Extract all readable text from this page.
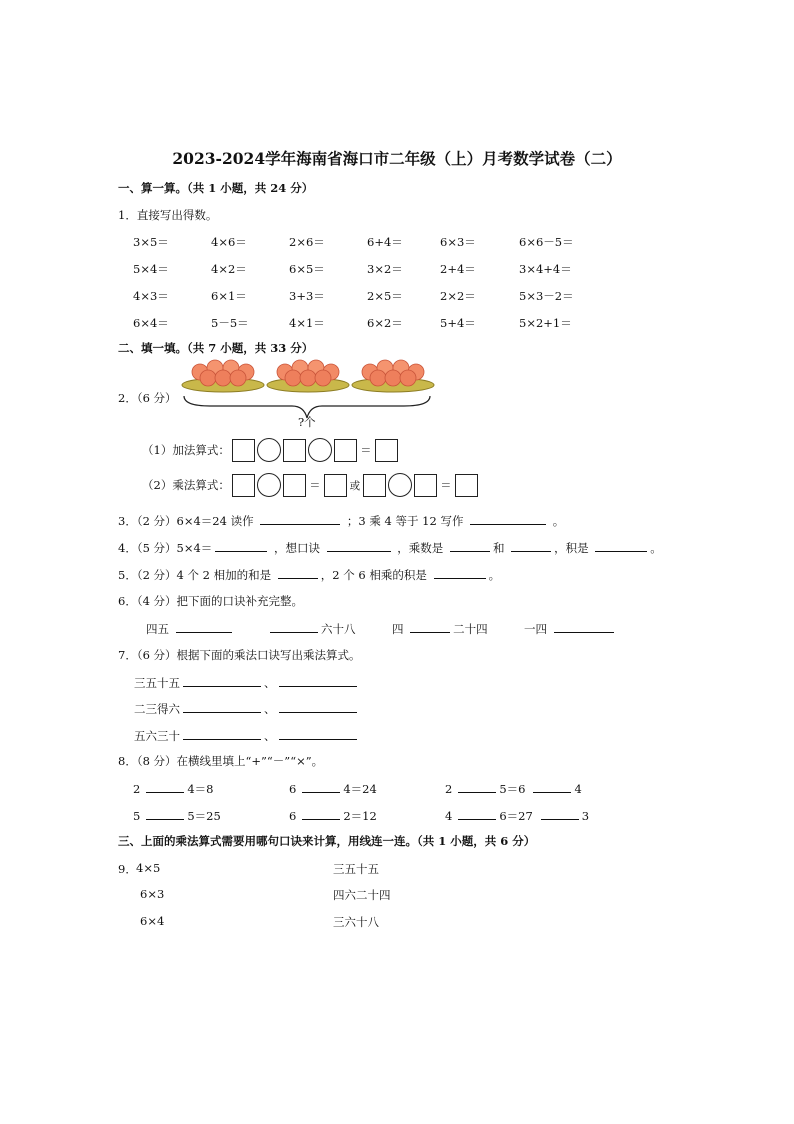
2023-2024学年海南省海口市二年级（上）月考数学试卷（二）
一、算一算。（共 1 小题，共 24 分）
1．直接写出得数。
3×5＝	4×6＝	2×6＝	6+4＝	6×3＝	6×6－5＝
5×4＝	4×2＝	6×5＝	3×2＝	2+4＝	3×4+4＝
4×3＝	6×1＝	3+3＝	2×5＝	2×2＝	5×3－2＝
6×4＝	5－5＝	4×1＝	6×2＝	5+4＝	5×2+1＝
二、填一填。（共 7 小题，共 33 分）
2．（6 分）
?个
（1）加法算式：	＝
（2）乘法算式：	＝	或	＝
3．（2 分）6×4＝24 读作	；3 乘 4 等于 12 写作	。
4．（5 分）5×4＝	，想口诀	，乘数是	和	，积是	。
5．（2 分）4 个 2 相加的和是	，2 个 6 相乘的积是	。
6．（4 分）把下面的口诀补充完整。
四五	六十八	四	二十四	一四
7．（6 分）根据下面的乘法口诀写出乘法算式。
三五十五	、
二三得六	、
五六三十	、
8．（8 分）在横线里填上“+”“－”“×”。
2	4＝8	6	4＝24	2	5＝6	4
5	5＝25	6	2＝12	4	6＝27	3
三、上面的乘法算式需要用哪句口诀来计算，用线连一连。（共 1 小题，共 6 分）
9． 4×5	三五十五
6×3	四六二十四
6×4	三六十八
